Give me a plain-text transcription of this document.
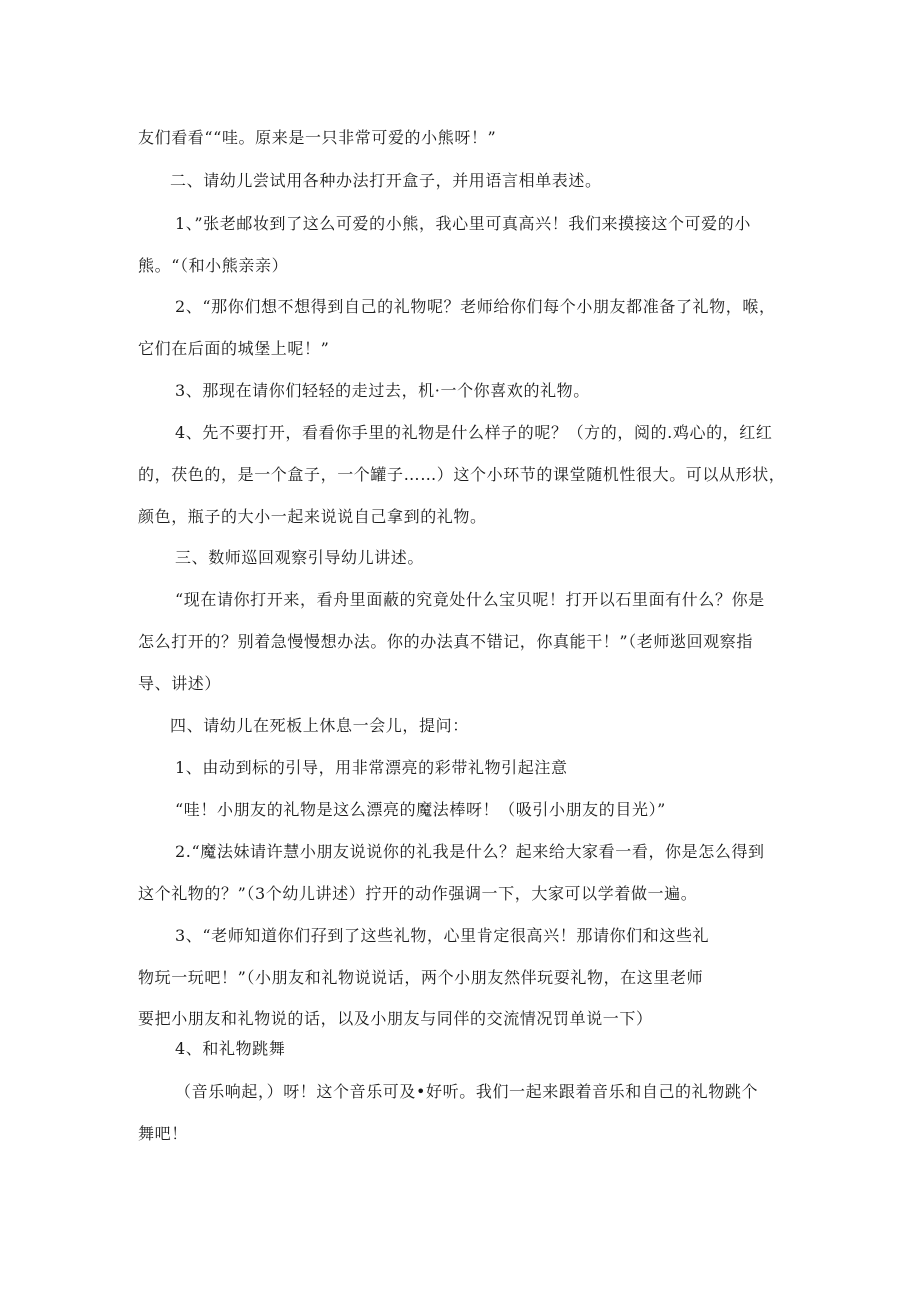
友们看看““哇。原来是一只非常可爱的小熊呀！”
二、请幼儿尝试用各种办法打开盒子，并用语言相单表述。
1、”张老邮妆到了这么可爱的小熊，我心里可真高兴！我们来摸接这个可爱的小
熊。“（和小熊亲亲）
2、“那你们想不想得到自己的礼物呢？老师给你们每个小朋友都准备了礼物，喉，
它们在后面的城堡上呢！”
3、那现在请你们轻轻的走过去，机·一个你喜欢的礼物。
4、先不要打开，看看你手里的礼物是什么样子的呢？（方的，阅的.鸡心的，红红
的，茯色的，是一个盒子，一个罐子……）这个小环节的课堂随机性很大。可以从形状，
颜色，瓶子的大小一起来说说自己拿到的礼物。
三、数师巡回观察引导幼儿讲述。
“现在请你打开来，看舟里面蔽的究竟处什么宝贝呢！打开以石里面有什么？你是
怎么打开的？别着急慢慢想办法。你的办法真不错记，你真能干！”（老师逖回观察指
导、讲述）
四、请幼儿在死板上休息一会儿，提问：
1、由动到标的引导，用非常漂亮的彩带礼物引起注意
“哇！小朋友的礼物是这么漂亮的魔法棒呀！（吸引小朋友的目光）”
2.“魔法妹请许慧小朋友说说你的礼我是什么？起来给大家看一看，你是怎么得到
这个礼物的？”（3个幼儿讲述）拧开的动作强调一下，大家可以学着做一遍。
3、“老师知道你们孖到了这些礼物，心里肯定很高兴！那请你们和这些礼
物玩一玩吧！”（小朋友和礼物说说话，两个小朋友然伴玩耍礼物，在这里老师
要把小朋友和礼物说的话，以及小朋友与同伴的交流情况罚单说一下）
4、和礼物跳舞
（音乐响起，）呀！这个音乐可及•好听。我们一起来跟着音乐和自己的礼物跳个
舞吧！
